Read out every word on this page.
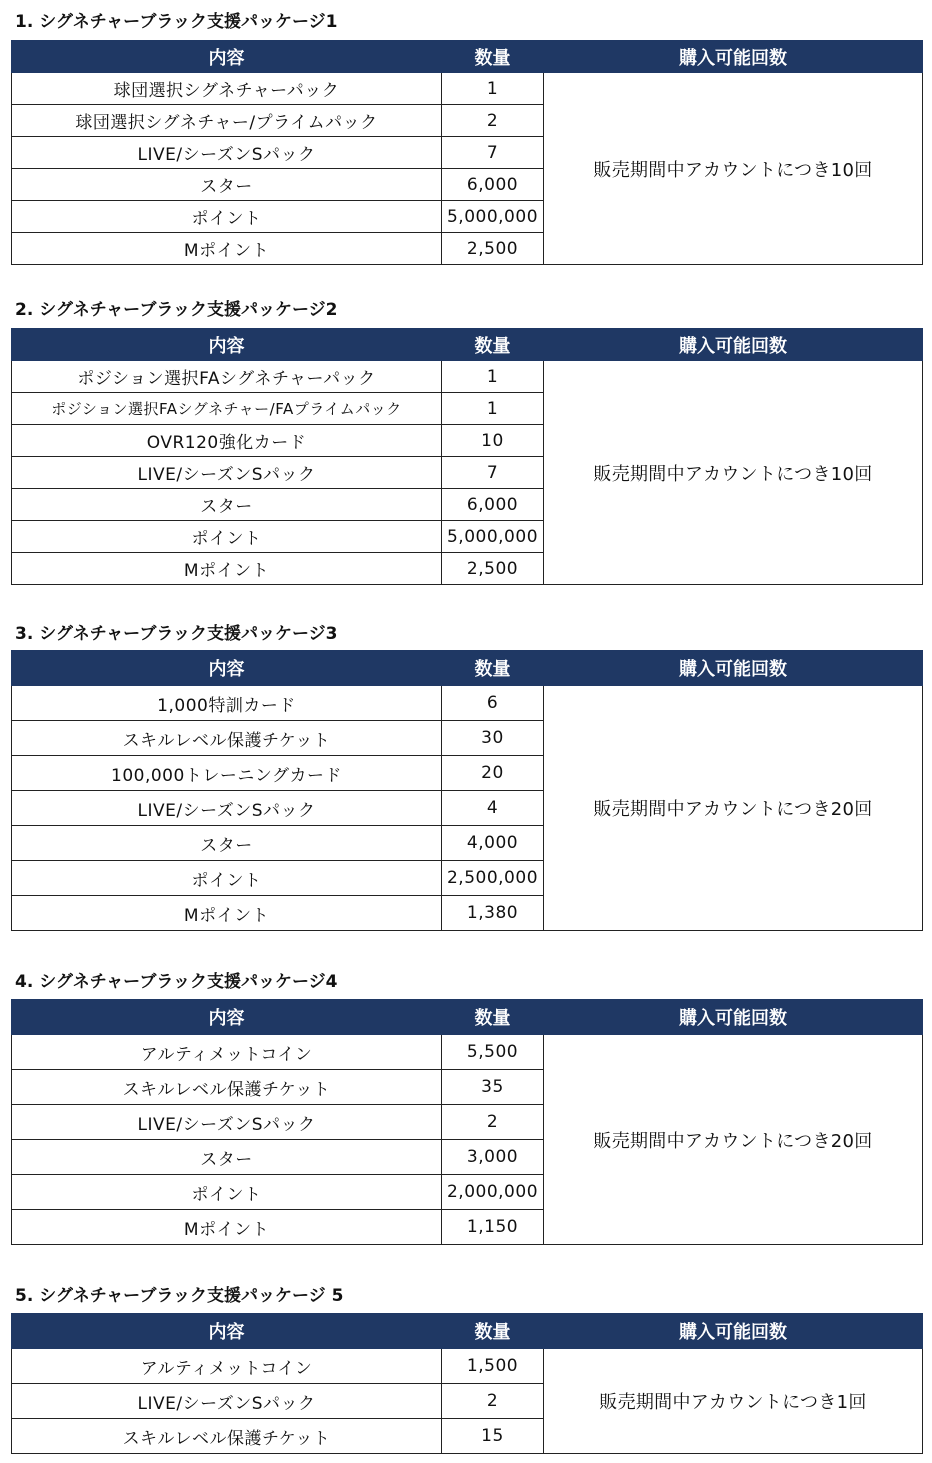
1. シグネチャーブラック支援パッケージ1
内容	数量	購入可能回数
球団選択シグネチャーパック	1	販売期間中アカウントにつき10回
球団選択シグネチャー/プライムパック	2	
LIVE/シーズンSパック	7	
スター	6,000	
ポイント	5,000,000	
Mポイント	2,500	
2. シグネチャーブラック支援パッケージ2
内容	数量	購入可能回数
ポジション選択FAシグネチャーパック	1	販売期間中アカウントにつき10回
ポジション選択FAシグネチャー/FAプライムパック	1	
OVR120強化カード	10	
LIVE/シーズンSパック	7	
スター	6,000	
ポイント	5,000,000	
Mポイント	2,500	
3. シグネチャーブラック支援パッケージ3
内容	数量	購入可能回数
1,000特訓カード	6	販売期間中アカウントにつき20回
スキルレベル保護チケット	30	
100,000トレーニングカード	20	
LIVE/シーズンSパック	4	
スター	4,000	
ポイント	2,500,000	
Mポイント	1,380	
4. シグネチャーブラック支援パッケージ4
内容	数量	購入可能回数
アルティメットコイン	5,500	販売期間中アカウントにつき20回
スキルレベル保護チケット	35	
LIVE/シーズンSパック	2	
スター	3,000	
ポイント	2,000,000	
Mポイント	1,150	
5. シグネチャーブラック支援パッケージ 5
内容	数量	購入可能回数
アルティメットコイン	1,500	販売期間中アカウントにつき1回
LIVE/シーズンSパック	2	
スキルレベル保護チケット	15	
